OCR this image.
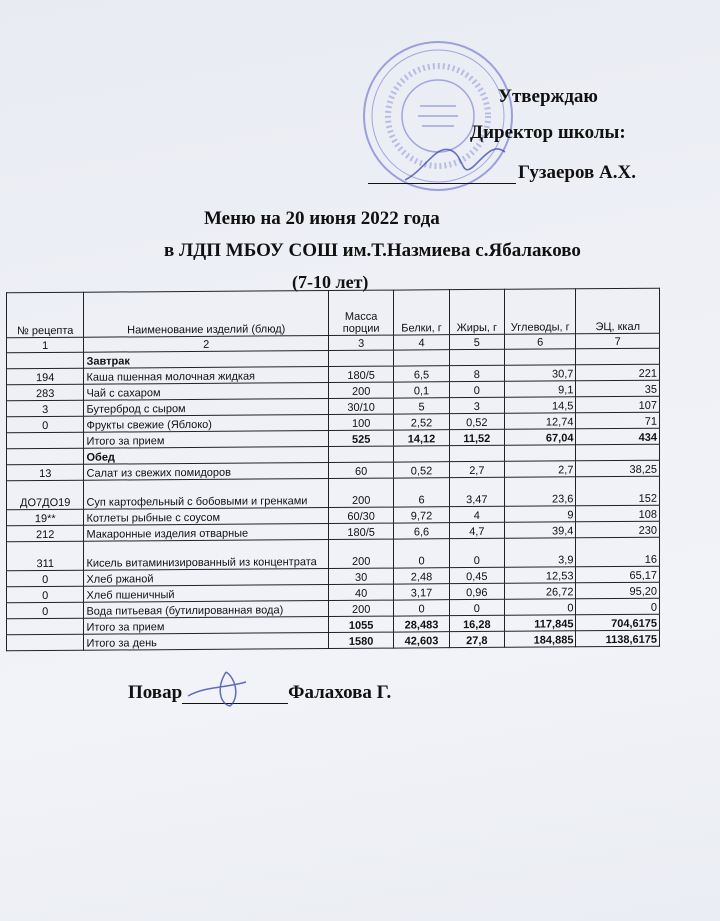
Утверждаю
Директор школы:
Гузаеров А.Х.
Меню на 20 июня 2022 года
в ЛДП МБОУ СОШ им.Т.Назмиева с.Ябалаково
(7-10 лет)
№ рецепта	Наименование изделий (блюд)	Масса порции	Белки, г	Жиры, г	Углеводы, г	ЭЦ, ккал
1	2	3	4	5	6	7
	Завтрак					
194	Каша пшенная молочная жидкая	180/5	6,5	8	30,7	221
283	Чай с сахаром	200	0,1	0	9,1	35
3	Бутерброд с сыром	30/10	5	3	14,5	107
0	Фрукты свежие (Яблоко)	100	2,52	0,52	12,74	71
	Итого за прием	525	14,12	11,52	67,04	434
	Обед					
13	Салат из свежих помидоров	60	0,52	2,7	2,7	38,25
ДО7ДО19	Суп картофельный с бобовыми и гренками	200	6	3,47	23,6	152
19**	Котлеты рыбные с соусом	60/30	9,72	4	9	108
212	Макаронные изделия отварные	180/5	6,6	4,7	39,4	230
311	Кисель витаминизированный из концентрата	200	0	0	3,9	16
0	Хлеб ржаной	30	2,48	0,45	12,53	65,17
0	Хлеб пшеничный	40	3,17	0,96	26,72	95,20
0	Вода питьевая (бутилированная вода)	200	0	0	0	0
	Итого за прием	1055	28,483	16,28	117,845	704,6175
	Итого за день	1580	42,603	27,8	184,885	1138,6175
Повар	Фалахова Г.
